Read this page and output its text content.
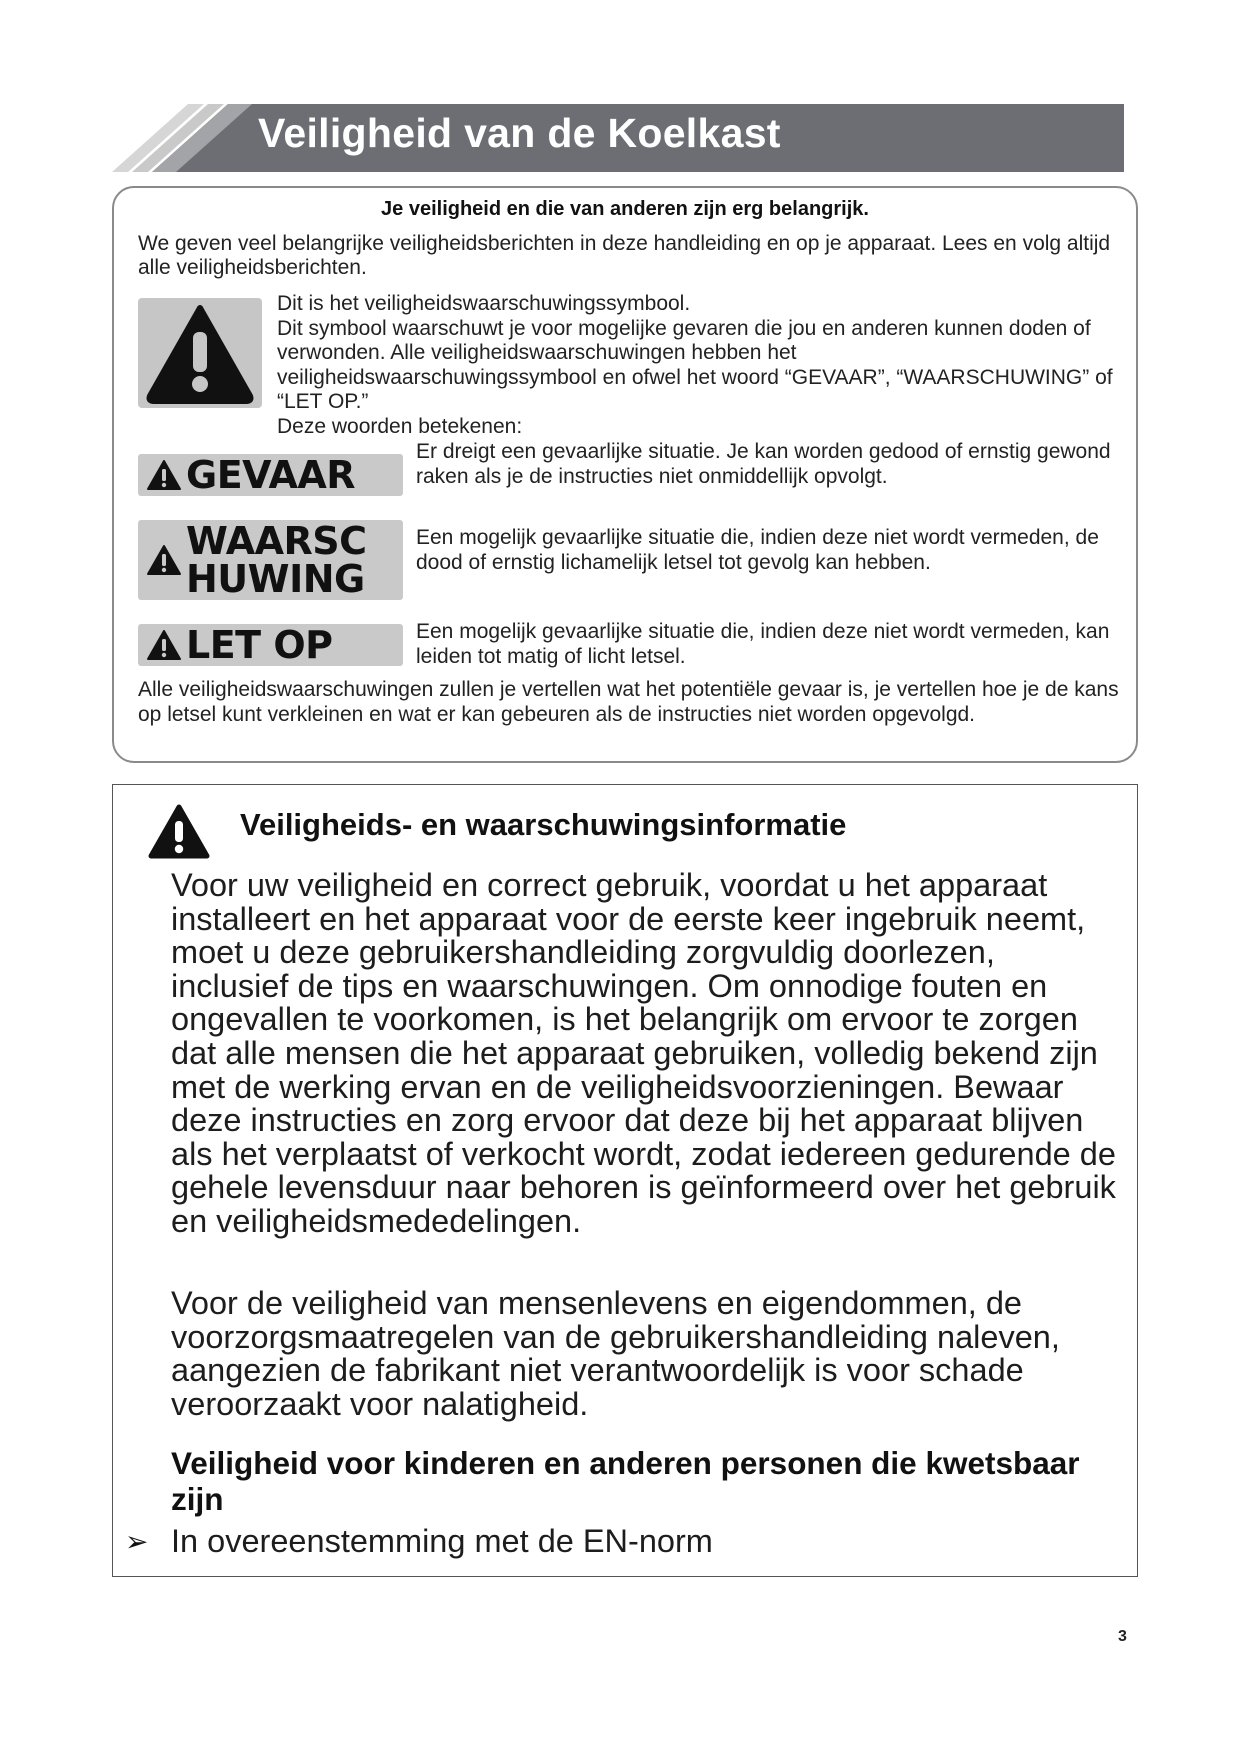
Veiligheid van de Koelkast
Je veiligheid en die van anderen zijn erg belangrijk.
We geven veel belangrijke veiligheidsberichten in deze handleiding en op je apparaat. Lees en volg altijd alle veiligheidsberichten.
Dit is het veiligheidswaarschuwingssymbool.
Dit symbool waarschuwt je voor mogelijke gevaren die jou en anderen kunnen doden of verwonden. Alle veiligheidswaarschuwingen hebben het veiligheidswaarschuwingssymbool en ofwel het woord “GEVAAR”, “WAARSCHUWING” of “LET OP.”
Deze woorden betekenen:
GEVAAR
Er dreigt een gevaarlijke situatie. Je kan worden gedood of ernstig gewond raken als je de instructies niet onmiddellijk opvolgt.
WAARSC
HUWING
Een mogelijk gevaarlijke situatie die, indien deze niet wordt vermeden, de dood of ernstig lichamelijk letsel tot gevolg kan hebben.
LET OP	Een mogelijk gevaarlijke situatie die, indien deze niet wordt vermeden, kan leiden tot matig of licht letsel.
Alle veiligheidswaarschuwingen zullen je vertellen wat het potentiële gevaar is, je vertellen hoe je de kans op letsel kunt verkleinen en wat er kan gebeuren als de instructies niet worden opgevolgd.
Veiligheids- en waarschuwingsinformatie
Voor uw veiligheid en correct gebruik, voordat u het apparaat installeert en het apparaat voor de eerste keer ingebruik neemt, moet u deze gebruikershandleiding zorgvuldig doorlezen, inclusief de tips en waarschuwingen. Om onnodige fouten en ongevallen te voorkomen, is het belangrijk om ervoor te zorgen dat alle mensen die het apparaat gebruiken, volledig bekend zijn met de werking ervan en de veiligheidsvoorzieningen. Bewaar deze instructies en zorg ervoor dat deze bij het apparaat blijven als het verplaatst of verkocht wordt, zodat iedereen gedurende de gehele levensduur naar behoren is geïnformeerd over het gebruik en veiligheidsmededelingen.
Voor de veiligheid van mensenlevens en eigendommen, de voorzorgsmaatregelen van de gebruikershandleiding naleven, aangezien de fabrikant niet verantwoordelijk is voor schade veroorzaakt voor nalatigheid.
Veiligheid voor kinderen en anderen personen die kwetsbaar zijn
➢ In overeenstemming met de EN-norm
3
